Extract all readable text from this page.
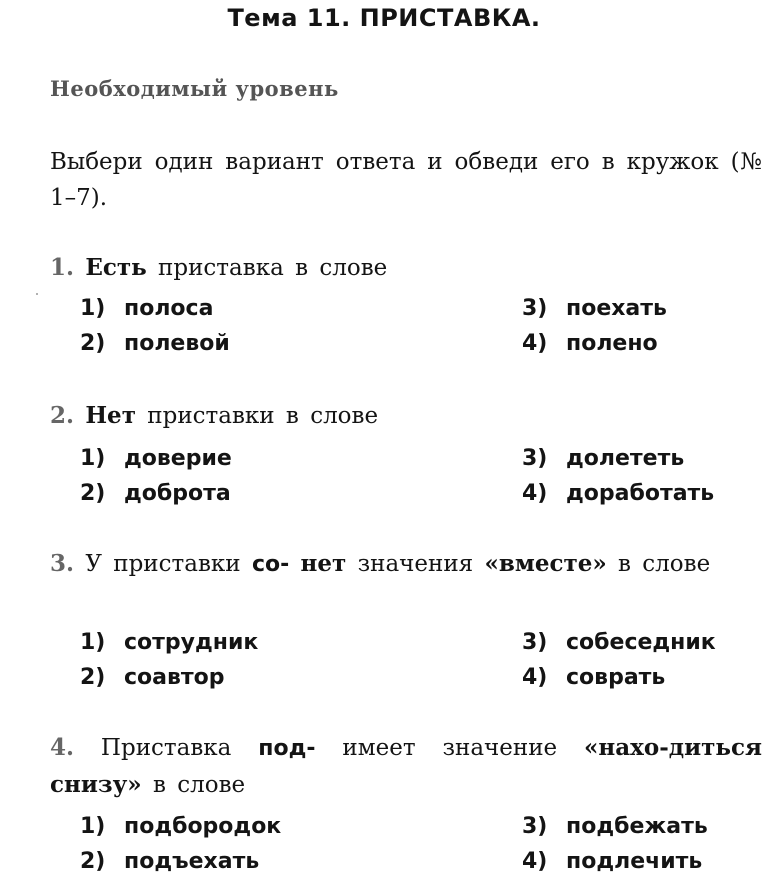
Тема 11. ПРИСТАВКА.
Необходимый уровень
Выбери один вариант ответа и обведи его в кружок (№ 1–7).
1. Есть приставка в слове
1) полоса
2) полевой
3) поехать
4) полено
2. Нет приставки в слове
1) доверие
2) доброта
3) долететь
4) доработать
3. У приставки со- нет значения «вместе» в слове
1) сотрудник
2) соавтор
3) собеседник
4) соврать
4. Приставка под- имеет значение «нахо-диться снизу» в слове
1) подбородок
2) подъехать
3) подбежать
4) подлечить
